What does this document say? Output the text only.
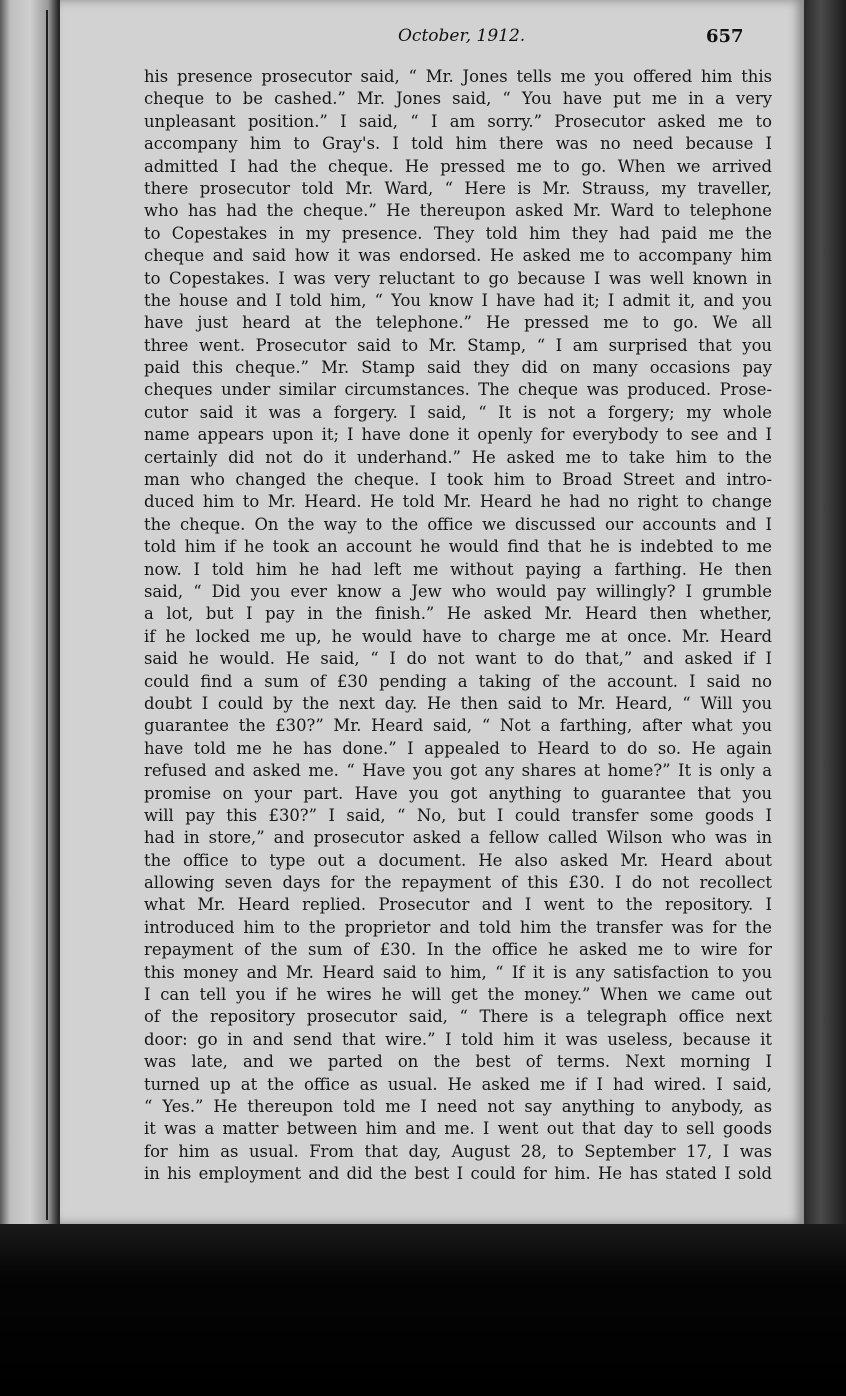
October, 1912.	657
his presence prosecutor said, “ Mr. Jones tells me you offered him this
cheque to be cashed.” Mr. Jones said, “ You have put me in a very
unpleasant position.” I said, “ I am sorry.” Prosecutor asked me to
accompany him to Gray's. I told him there was no need because I
admitted I had the cheque. He pressed me to go. When we arrived
there prosecutor told Mr. Ward, “ Here is Mr. Strauss, my traveller,
who has had the cheque.” He thereupon asked Mr. Ward to telephone
to Copestakes in my presence. They told him they had paid me the
cheque and said how it was endorsed. He asked me to accompany him
to Copestakes. I was very reluctant to go because I was well known in
the house and I told him, “ You know I have had it; I admit it, and you
have just heard at the telephone.” He pressed me to go. We all
three went. Prosecutor said to Mr. Stamp, “ I am surprised that you
paid this cheque.” Mr. Stamp said they did on many occasions pay
cheques under similar circumstances. The cheque was produced. Prose-
cutor said it was a forgery. I said, “ It is not a forgery; my whole
name appears upon it; I have done it openly for everybody to see and I
certainly did not do it underhand.” He asked me to take him to the
man who changed the cheque. I took him to Broad Street and intro-
duced him to Mr. Heard. He told Mr. Heard he had no right to change
the cheque. On the way to the office we discussed our accounts and I
told him if he took an account he would find that he is indebted to me
now. I told him he had left me without paying a farthing. He then
said, “ Did you ever know a Jew who would pay willingly? I grumble
a lot, but I pay in the finish.” He asked Mr. Heard then whether,
if he locked me up, he would have to charge me at once. Mr. Heard
said he would. He said, “ I do not want to do that,” and asked if I
could find a sum of £30 pending a taking of the account. I said no
doubt I could by the next day. He then said to Mr. Heard, “ Will you
guarantee the £30?” Mr. Heard said, “ Not a farthing, after what you
have told me he has done.” I appealed to Heard to do so. He again
refused and asked me. “ Have you got any shares at home?” It is only a
promise on your part. Have you got anything to guarantee that you
will pay this £30?” I said, “ No, but I could transfer some goods I
had in store,” and prosecutor asked a fellow called Wilson who was in
the office to type out a document. He also asked Mr. Heard about
allowing seven days for the repayment of this £30. I do not recollect
what Mr. Heard replied. Prosecutor and I went to the repository. I
introduced him to the proprietor and told him the transfer was for the
repayment of the sum of £30. In the office he asked me to wire for
this money and Mr. Heard said to him, “ If it is any satisfaction to you
I can tell you if he wires he will get the money.” When we came out
of the repository prosecutor said, “ There is a telegraph office next
door: go in and send that wire.” I told him it was useless, because it
was late, and we parted on the best of terms. Next morning I
turned up at the office as usual. He asked me if I had wired. I said,
“ Yes.” He thereupon told me I need not say anything to anybody, as
it was a matter between him and me. I went out that day to sell goods
for him as usual. From that day, August 28, to September 17, I was
in his employment and did the best I could for him. He has stated I sold
